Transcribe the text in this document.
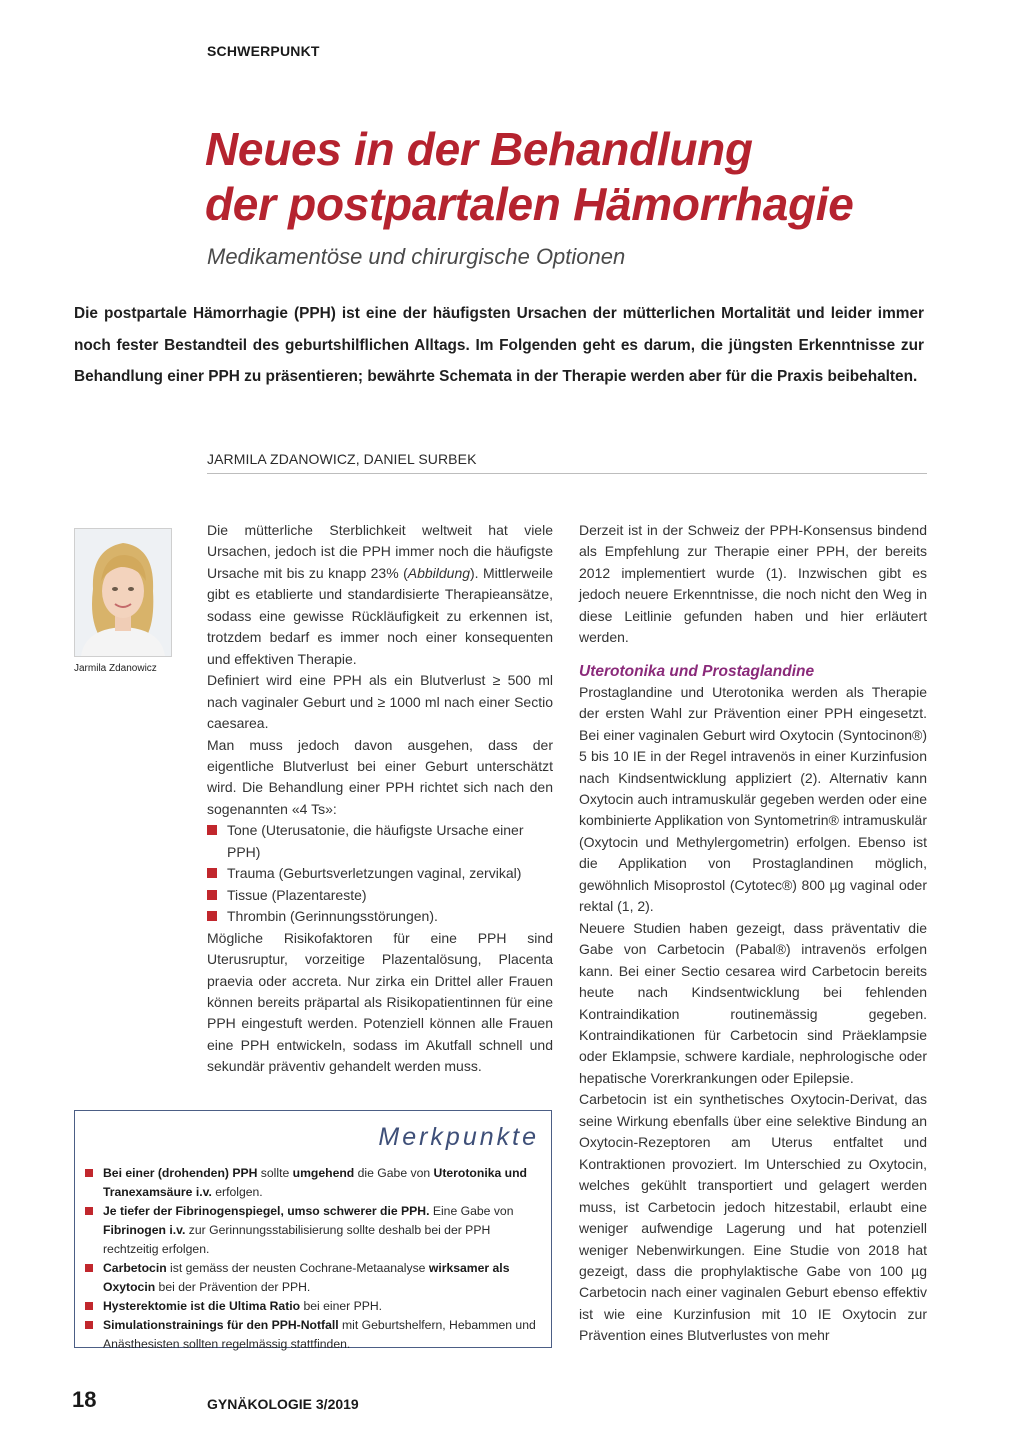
SCHWERPUNKT
Neues in der Behandlung
der postpartalen Hämorrhagie
Medikamentöse und chirurgische Optionen

Die postpartale Hämorrhagie (PPH) ist eine der häufigsten Ursachen der mütterlichen Mortalität und leider immer noch fester Bestandteil des geburtshilflichen Alltags. Im Folgenden geht es darum, die jüngsten Erkenntnisse zur Behandlung einer PPH zu präsentieren; bewährte Schemata in der Therapie werden aber für die Praxis beibehalten.

JARMILA ZDANOWICZ, DANIEL SURBEK
Jarmila Zdanowicz

Die mütterliche Sterblichkeit weltweit hat viele Ursachen, jedoch ist die PPH immer noch die häufigste Ursache mit bis zu knapp 23% (Abbildung). Mittlerweile gibt es etablierte und standardisierte Therapieansätze, sodass eine gewisse Rückläufigkeit zu erkennen ist, trotzdem bedarf es immer noch einer konsequenten und effektiven Therapie.

Definiert wird eine PPH als ein Blutverlust ≥ 500 ml nach vaginaler Geburt und ≥ 1000 ml nach einer Sectio caesarea.

Man muss jedoch davon ausgehen, dass der eigentliche Blutverlust bei einer Geburt unterschätzt wird. Die Behandlung einer PPH richtet sich nach den sogenannten «4 Ts»:

Tone (Uterusatonie, die häufigste Ursache einer PPH)
Trauma (Geburtsverletzungen vaginal, zervikal)
Tissue (Plazentareste)
Thrombin (Gerinnungsstörungen).

Mögliche Risikofaktoren für eine PPH sind Uterusruptur, vorzeitige Plazentalösung, Placenta praevia oder accreta. Nur zirka ein Drittel aller Frauen können bereits präpartal als Risikopatientinnen für eine PPH eingestuft werden. Potenziell können alle Frauen eine PPH entwickeln, sodass im Akutfall schnell und sekundär präventiv gehandelt werden muss.

Derzeit ist in der Schweiz der PPH-Konsensus bindend als Empfehlung zur Therapie einer PPH, der bereits 2012 implementiert wurde (1). Inzwischen gibt es jedoch neuere Erkenntnisse, die noch nicht den Weg in diese Leitlinie gefunden haben und hier erläutert werden.

Uterotonika und Prostaglandine

Prostaglandine und Uterotonika werden als Therapie der ersten Wahl zur Prävention einer PPH eingesetzt. Bei einer vaginalen Geburt wird Oxytocin (Syntocinon®) 5 bis 10 IE in der Regel intravenös in einer Kurzinfusion nach Kindsentwicklung appliziert (2). Alternativ kann Oxytocin auch intramuskulär gegeben werden oder eine kombinierte Applikation von Syntometrin® intramuskulär (Oxytocin und Methylergometrin) erfolgen. Ebenso ist die Applikation von Prostaglandinen möglich, gewöhnlich Misoprostol (Cytotec®) 800 µg vaginal oder rektal (1, 2).

Neuere Studien haben gezeigt, dass präventativ die Gabe von Carbetocin (Pabal®) intravenös erfolgen kann. Bei einer Sectio cesarea wird Carbetocin bereits heute nach Kindsentwicklung bei fehlenden Kontraindikation routinemässig gegeben. Kontraindikationen für Carbetocin sind Präeklampsie oder Eklampsie, schwere kardiale, nephrologische oder hepatische Vorerkrankungen oder Epilepsie.

Carbetocin ist ein synthetisches Oxytocin-Derivat, das seine Wirkung ebenfalls über eine selektive Bindung an Oxytocin-Rezeptoren am Uterus entfaltet und Kontraktionen provoziert. Im Unterschied zu Oxytocin, welches gekühlt transportiert und gelagert werden muss, ist Carbetocin jedoch hitzestabil, erlaubt eine weniger aufwendige Lagerung und hat potenziell weniger Nebenwirkungen. Eine Studie von 2018 hat gezeigt, dass die prophylaktische Gabe von 100 µg Carbetocin nach einer vaginalen Geburt ebenso effektiv ist wie eine Kurzinfusion mit 10 IE Oxytocin zur Prävention eines Blutverlustes von mehr

Merkpunkte
Bei einer (drohenden) PPH sollte umgehend die Gabe von Uterotonika und Tranexamsäure i.v. erfolgen.
Je tiefer der Fibrinogenspiegel, umso schwerer die PPH. Eine Gabe von Fibrinogen i.v. zur Gerinnungsstabilisierung sollte deshalb bei der PPH rechtzeitig erfolgen.
Carbetocin ist gemäss der neusten Cochrane-Metaanalyse wirksamer als Oxytocin bei der Prävention der PPH.
Hysterektomie ist die Ultima Ratio bei einer PPH.
Simulationstrainings für den PPH-Notfall mit Geburtshelfern, Hebammen und Anästhesisten sollten regelmässig stattfinden.
18	GYNÄKOLOGIE 3/2019
